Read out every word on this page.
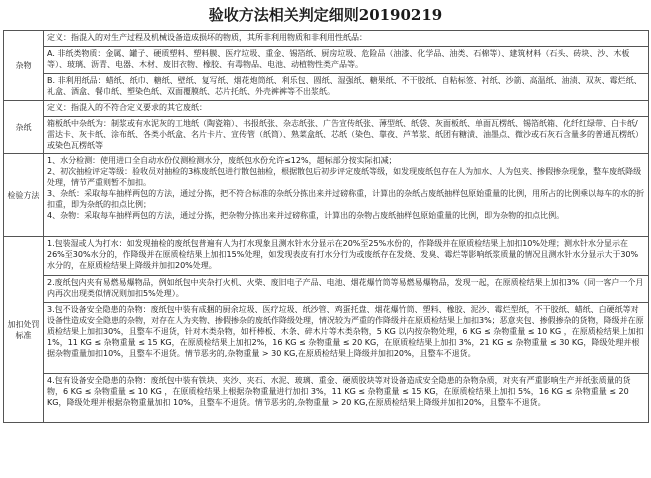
验收方法相关判定细则20190219
杂物	定义：指混入的对生产过程及机械设备造成损坏的物质，其所非利用物质和非利用性纸品：
	A. 非纸类物质：金属、罐子、硬质塑料、塑料膜、医疗垃圾、重金、锡箔纸、厨房垃圾、危险品（油漆、化学品、油类、石棉等）、建筑材料（石头、砖块、沙、木板等）、玻璃、沥青、电器、木材、废旧衣物、橡胶、有毒物品、电池、动植物性类产品等。
	B. 非利用纸品：蜡纸、纸巾、糖纸、壁纸、复写纸、烟花炮筒纸、利乐包、圆纸、湿强纸、糖果纸、不干胶纸、自粘标签、衬纸、沙箭、高温纸、油渍、双灰、霉烂纸、礼盒、酒盒、餐巾纸、塑染色纸、双面覆膜纸、芯片托纸、外壳裤裤等不出浆纸。
杂纸	定义：指混入的不符合定义要求的其它废纸：
	箱板纸中杂纸为：制浆或有水泥灰的工地纸（陶瓷箱）、书报纸张、杂志纸张、广告宣传纸张、薄型纸、纸袋、灰面板纸、单面瓦楞纸、锡箔纸箱、化纤红绿带、白卡纸/雷达卡、灰卡纸、涂布纸、各类小纸盒、名片卡片、宣传管（纸筒）、熟菜盒纸、芯纸（染色、靠夜、芦苇浆、纸团有糖渍、油墨点、微沙或石灰石含量多的普通瓦楞纸）或染色瓦楞纸等
检验方法	1、水分检测：使用进口全自动水份仪测检测水分，废纸包水份允许≤12%，超标部分按实际扣减；
2、初次抽检评定等级：验收员对抽检的3栋废纸包进行散包抽检，根据散包后初步评定废纸等级，如发现废纸包存在人为加水、人为包夹、掺假掺杂现象，整车废纸降级处理，情节严重则暂不加扣。
3、杂纸：采取每车抽样两包的方法，通过分拣，把不符合标准的杂纸分拣出来并过磅称重，计算出的杂纸占废纸抽样包原始重量的比例，用所占的比例乘以每车的水的折扣重，即为杂纸的扣点比例；
4、杂物：采取每车抽样两包的方法，通过分拣，把杂物分拣出来并过磅称重，计算出的杂物占废纸抽样包原始重量的比例，即为杂物的扣点比例。
加扣处罚标准	1.包装湿或人为打水：如发现抽检的废纸包普遍有人为打水现象且测水针水分显示在20%至25%水份的，作降级并在原质检结果上加扣10%处理；测水针水分显示在26%至30%水分的，作降级并在原质检结果上加扣15%处理，如发现表皮有打水分行为或废纸存在发烧、发臭、霉烂等影响纸浆质量的情况且测水针水分显示大于30%水分的，在原质检结果上降级并加扣20%处理。
	2.废纸包内夹有易燃易爆物品，例如纸包中夹杂打火机、火柴、废旧电子产品、电池、烟花爆竹筒等易燃易爆物品，发现一起，在原质检结果上加扣3%（同一客户一个月内再次出现类似情况则加扣5%处理）。
	3.包不设备安全隐患的杂物：废纸包中装有成捆的厨余垃圾、医疗垃圾、纸沙管、鸡蛋托盘、烟花爆竹筒、塑料、橡胶、泥沙、霉烂型纸，不干胶纸、蜡纸、白硬纸等对设备性造成安全隐患的杂物，对存在人为夹物、掺假掺杂的废纸作降级处理，情况较为严重的作降级并在原质检结果上加扣3%；恶意夹包、掺假掺杂的货物，降级并在原质检结果上加扣30%，且整车不退货，针对木类杂物，如杆棒板、木条、碎木片等木类杂物，5 KG 以内按杂物处理，6 KG ≤ 杂物重量 ≤ 10 KG ，在原质检结果上加扣 1%，11 KG ≤ 杂物重量 ≤ 15 KG，在原质检结果上加扣2%，16 KG ≤ 杂物重量 ≤ 20 KG，在原质检结果上加扣 3%，21 KG ≤ 杂物重量 ≤ 30 KG，降级处理并根据杂物重量加扣10%，且整车不退货。情节恶劣的,杂物重量 > 30 KG,在原质检结果上降级并加扣20%，且整车不退货。
	4.包有设备安全隐患的杂物：废纸包中装有铁块、夹沙、夹石、水泥、玻璃、重金、硬质胶块等对设备造成安全隐患的杂物杂质，对夹有严重影响生产并纸张质量的货物，6 KG ≤ 杂物重量 ≤ 10 KG ，在原质检结果上根据杂物重量进行加扣 3%，11 KG ≤ 杂物重量 ≤ 15 KG，在原质检结果上加扣 5%，16 KG ≤ 杂物重量 ≤ 20 KG，降级处理并根据杂物重量加扣 10%，且整车不退货。情节恶劣的,杂物重量 > 20 KG,在原质检结果上降级并加扣20%，且整车不退货。
